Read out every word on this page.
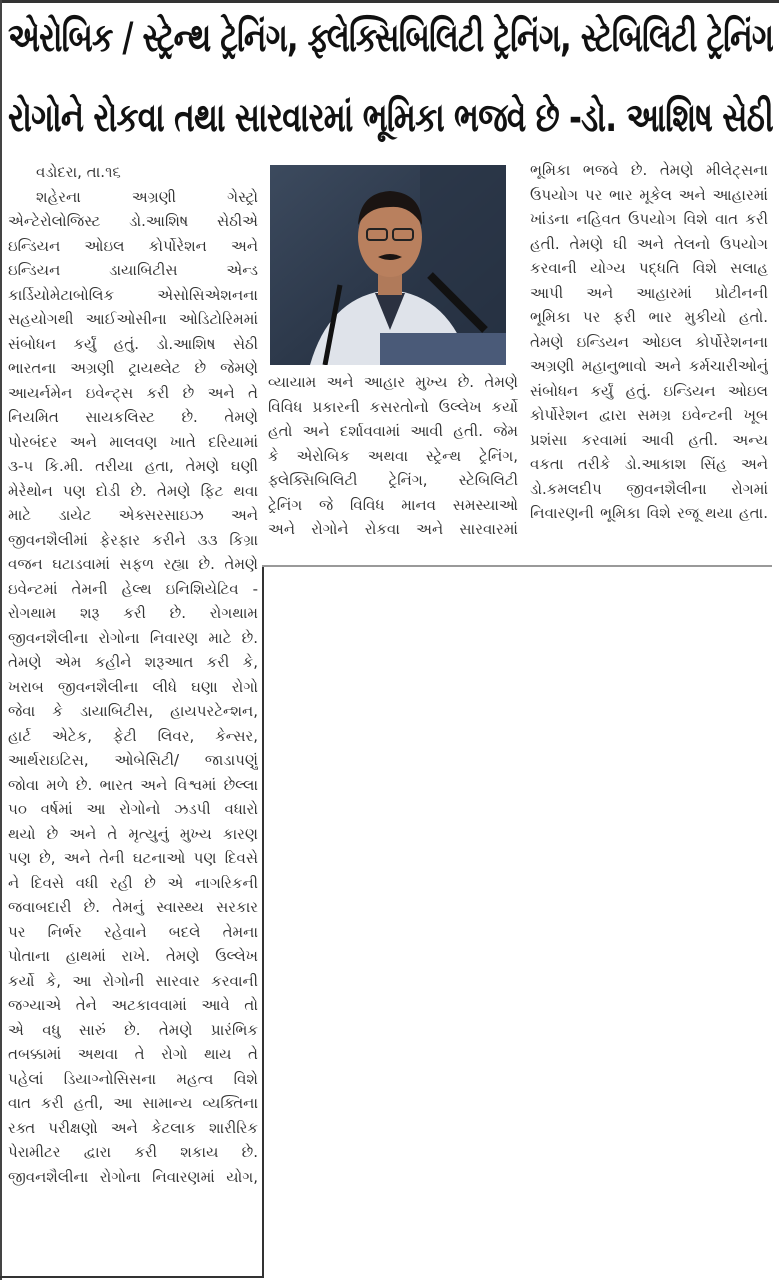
એરોબિક / સ્ટ્રેન્થ ટ્રેનિંગ, ફ્લેક્સિબિલિટી ટ્રેનિંગ, સ્ટેબિલિટી ટ્રેનિંગ
રોગોને રોકવા તથા સારવારમાં ભૂમિકા ભજવે છે -ડો. આશિષ સેઠી
વડોદરા, તા.૧૬
શહેરના અગ્રણી ગેસ્ટ્રો
એન્ટેરોલોજિસ્ટ ડો.આશિષ સેઠીએ
ઇન્ડિયન ઓઇલ કોર્પોરેશન અને
ઇન્ડિયન ડાયાબિટીસ એન્ડ
કાર્ડિયોમેટાબોલિક એસોસિએશનના
સહયોગથી આઈઓસીના ઓડિટોરિમમાં
સંબોધન કર્યું હતું. ડો.આશિષ સેઠી
ભારતના અગ્રણી ટ્રાયથ્લેટ છે જેમણે
આયર્નમેન ઇવેન્ટ્સ કરી છે અને તે
નિયમિત સાયકલિસ્ટ છે. તેમણે
પોરબંદર અને માલવણ ખાતે દરિયામાં
૩-૫ કિ.મી. તરીયા હતા, તેમણે ઘણી
મેરેથોન પણ દોડી છે. તેમણે ફિટ થવા
માટે ડાયેટ એક્સરસાઇઝ અને
જીવનશૈલીમાં ફેરફાર કરીને ૩૩ કિગ્રા
વજન ઘટાડવામાં સફળ રહ્યા છે. તેમણે
ઇવેન્ટમાં તેમની હેલ્થ ઇનિશિયેટિવ -
રોગથામ શરૂ કરી છે. રોગથામ
જીવનશૈલીના રોગોના નિવારણ માટે છે.
તેમણે એમ કહીને શરૂઆત કરી કે,
ખરાબ જીવનશૈલીના લીધે ઘણા રોગો
જેવા કે ડાયાબિટીસ, હાયપરટેન્શન,
હાર્ટ એટેક, ફેટી લિવર, કેન્સર,
આર્થરાઇટિસ, ઓબેસિટી/ જાડાપણું
જોવા મળે છે. ભારત અને વિશ્વમાં છેલ્લા
૫૦ વર્ષમાં આ રોગોનો ઝડપી વધારો
થયો છે અને તે મૃત્યુનું મુખ્ય કારણ
પણ છે, અને તેની ઘટનાઓ પણ દિવસે
ને દિવસે વધી રહી છે એ નાગરિકની
જવાબદારી છે. તેમનું સ્વાસ્થ્ય સરકાર
પર નિર્ભર રહેવાને બદલે તેમના
પોતાના હાથમાં રાખે. તેમણે ઉલ્લેખ
કર્યો કે, આ રોગોની સારવાર કરવાની
જગ્યાએ તેને અટકાવવામાં આવે તો
એ વધુ સારું છે. તેમણે પ્રારંભિક
તબક્કામાં અથવા તે રોગો થાય તે
પહેલાં ડિયાગ્નોસિસના મહત્વ વિશે
વાત કરી હતી, આ સામાન્ય વ્યક્તિના
રક્ત પરીક્ષણો અને કેટલાક શારીરિક
પેરામીટર દ્વારા કરી શકાય છે.
જીવનશૈલીના રોગોના નિવારણમાં યોગ,
વ્યાયામ અને આહાર મુખ્ય છે. તેમણે
વિવિધ પ્રકારની કસરતોનો ઉલ્લેખ કર્યો
હતો અને દર્શાવવામાં આવી હતી. જેમ
કે એરોબિક અથવા સ્ટ્રેન્થ ટ્રેનિંગ,
ફ્લેક્સિબિલિટી ટ્રેનિંગ, સ્ટેબિલિટી
ટ્રેનિંગ જે વિવિધ માનવ સમસ્યાઓ
અને રોગોને રોકવા અને સારવારમાં
ભૂમિકા ભજવે છે. તેમણે મીલેટ્સના
ઉપયોગ પર ભાર મૂકેલ અને આહારમાં
ખાંડના નહિવત ઉપયોગ વિશે વાત કરી
હતી. તેમણે ઘી અને તેલનો ઉપયોગ
કરવાની યોગ્ય પદ્ધતિ વિશે સલાહ
આપી અને આહારમાં પ્રોટીનની
ભૂમિકા પર ફરી ભાર મુકીયો હતો.
તેમણે ઇન્ડિયન ઓઇલ કોર્પોરેશનના
અગ્રણી મહાનુભાવો અને કર્મચારીઓનું
સંબોધન કર્યું હતું. ઇન્ડિયન ઓઇલ
કોર્પોરેશન દ્વારા સમગ્ર ઇવેન્ટની ખૂબ
પ્રશંસા કરવામાં આવી હતી. અન્ય
વકતા તરીકે ડો.આકાશ સિંહ અને
ડો.કમલદીપ જીવનશૈલીના રોગમાં
નિવારણની ભૂમિકા વિશે રજૂ થયા હતા.
